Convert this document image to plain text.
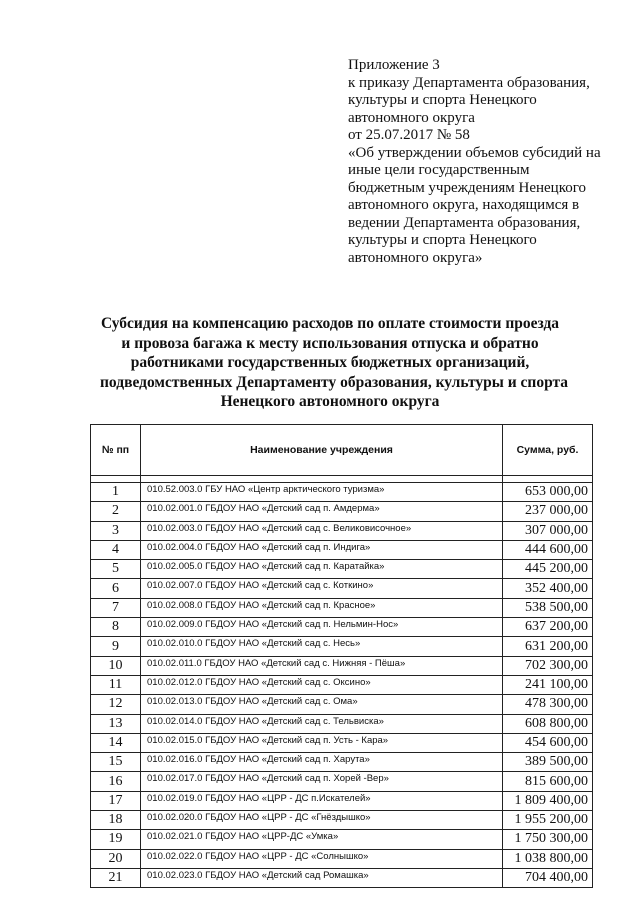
Приложение 3
к приказу Департамента образования,
культуры и спорта Ненецкого
автономного округа
от 25.07.2017 № 58
«Об утверждении объемов субсидий на
иные цели государственным
бюджетным учреждениям Ненецкого
автономного округа, находящимся в
ведении Департамента образования,
культуры и спорта Ненецкого
автономного округа»
Субсидия на компенсацию расходов по оплате стоимости проезда
и провоза багажа к месту использования отпуска и обратно
работниками государственных бюджетных организаций,
подведомственных Департаменту образования, культуры и спорта
Ненецкого автономного округа
№ пп	Наименование учреждения	Сумма, руб.

1	010.52.003.0 ГБУ НАО «Центр арктического туризма»	653 000,00
2	010.02.001.0 ГБДОУ НАО «Детский сад п. Амдерма»	237 000,00
3	010.02.003.0 ГБДОУ НАО «Детский сад с. Великовисочное»	307 000,00
4	010.02.004.0 ГБДОУ НАО «Детский сад п. Индига»	444 600,00
5	010.02.005.0 ГБДОУ НАО «Детский сад п. Каратайка»	445 200,00
6	010.02.007.0 ГБДОУ НАО «Детский сад с. Коткино»	352 400,00
7	010.02.008.0 ГБДОУ НАО «Детский сад п. Красное»	538 500,00
8	010.02.009.0 ГБДОУ НАО «Детский сад п. Нельмин-Нос»	637 200,00
9	010.02.010.0 ГБДОУ НАО «Детский сад с. Несь»	631 200,00
10	010.02.011.0 ГБДОУ НАО «Детский сад с. Нижняя - Пёша»	702 300,00
11	010.02.012.0 ГБДОУ НАО «Детский сад с. Оксино»	241 100,00
12	010.02.013.0 ГБДОУ НАО «Детский сад с. Ома»	478 300,00
13	010.02.014.0 ГБДОУ НАО «Детский сад с. Тельвиска»	608 800,00
14	010.02.015.0 ГБДОУ НАО «Детский сад п. Усть - Кара»	454 600,00
15	010.02.016.0 ГБДОУ НАО «Детский сад п. Харута»	389 500,00
16	010.02.017.0 ГБДОУ НАО «Детский сад п. Хорей -Вер»	815 600,00
17	010.02.019.0 ГБДОУ НАО «ЦРР - ДС п.Искателей»	1 809 400,00
18	010.02.020.0 ГБДОУ НАО «ЦРР - ДС «Гнёздышко»	1 955 200,00
19	010.02.021.0 ГБДОУ НАО «ЦРР-ДС «Умка»	1 750 300,00
20	010.02.022.0 ГБДОУ НАО «ЦРР - ДС «Солнышко»	1 038 800,00
21	010.02.023.0 ГБДОУ НАО «Детский сад Ромашка»	704 400,00
